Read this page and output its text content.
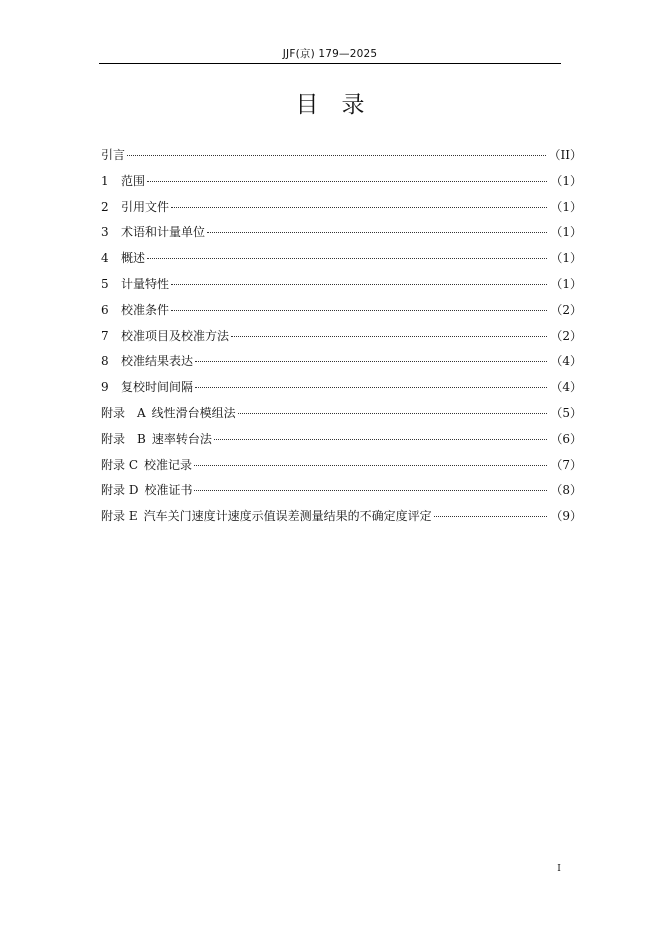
JJF(京) 179—2025
目　录
引言	（II）
1	范围	（1）
2	引用文件	（1）
3	术语和计量单位	（1）
4	概述	（1）
5	计量特性	（1）
6	校准条件	（2）
7	校准项目及校准方法	（2）
8	校准结果表达	（4）
9	复校时间间隔	（4）
附录　A 线性滑台模组法	（5）
附录　B 速率转台法	（6）
附录 C 校准记录	（7）
附录 D 校准证书	（8）
附录 E 汽车关门速度计速度示值误差测量结果的不确定度评定	（9）
I
